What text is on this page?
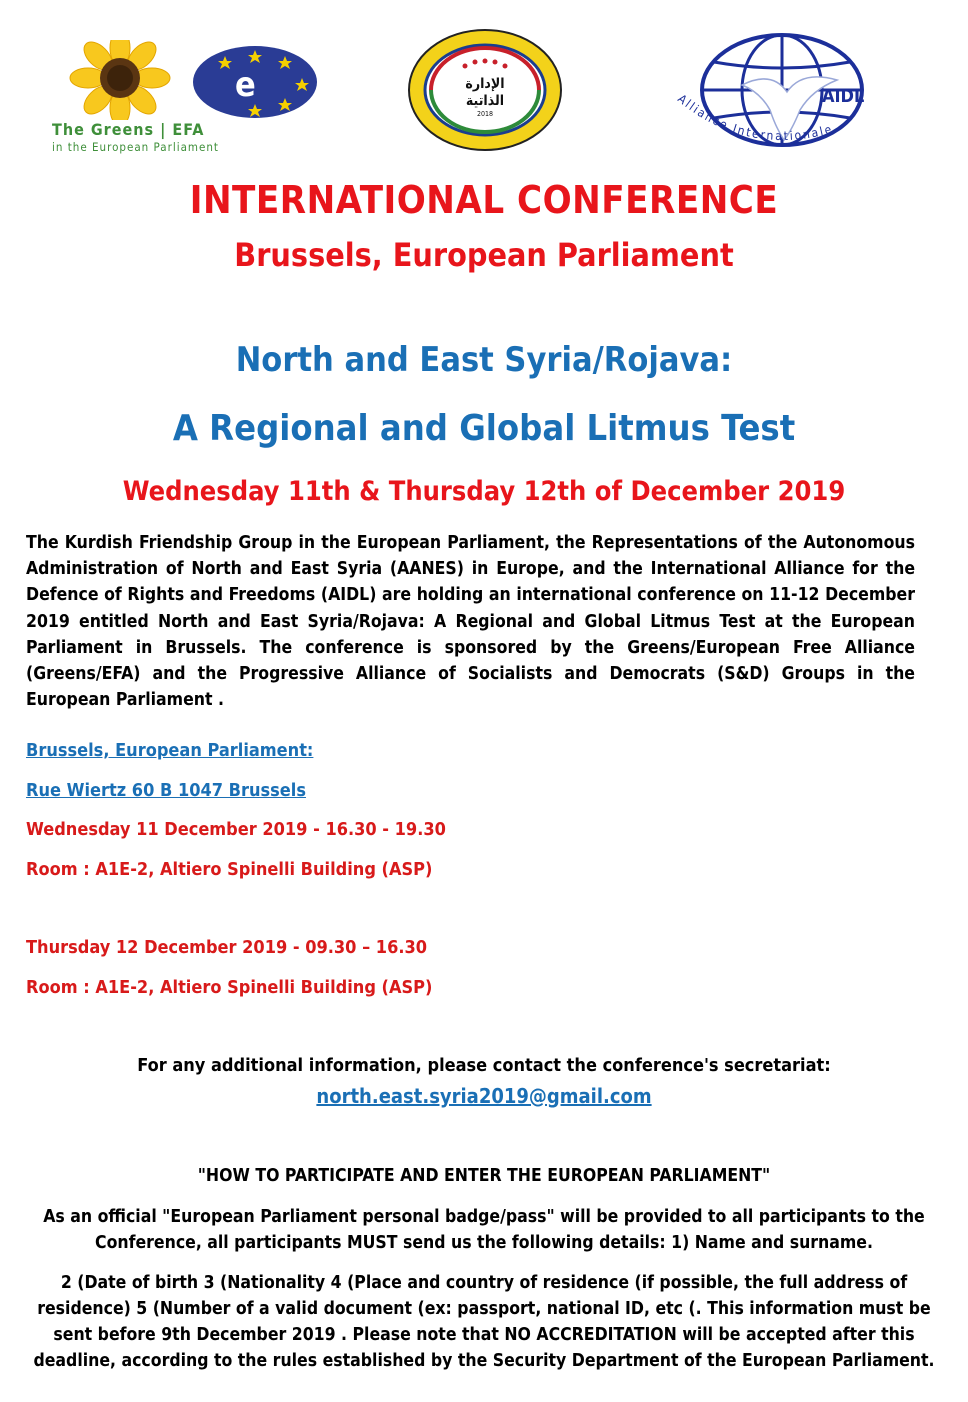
e
The Greens | EFA
in the European Parliament
الإدارة
الذاتية
2018
AIDL
Alliance Internationale
INTERNATIONAL CONFERENCE
Brussels, European Parliament
North and East Syria/Rojava:
A Regional and Global Litmus Test
Wednesday 11th & Thursday 12th of December 2019
The Kurdish Friendship Group in the European Parliament, the Representations of the Autonomous Administration of North and East Syria (AANES) in Europe, and the International Alliance for the Defence of Rights and Freedoms (AIDL) are holding an international conference on 11-12 December 2019 entitled North and East Syria/Rojava: A Regional and Global Litmus Test at the European Parliament in Brussels. The conference is sponsored by the Greens/European Free Alliance (Greens/EFA) and the Progressive Alliance of Socialists and Democrats (S&D) Groups in the European Parliament .
Brussels, European Parliament:
Rue Wiertz 60 B 1047 Brussels
Wednesday 11 December 2019 - 16.30 - 19.30
Room : A1E-2, Altiero Spinelli Building (ASP)
Thursday 12 December 2019 - 09.30 – 16.30
Room : A1E-2, Altiero Spinelli Building (ASP)
For any additional information, please contact the conference's secretariat:
north.east.syria2019@gmail.com
"HOW TO PARTICIPATE AND ENTER THE EUROPEAN PARLIAMENT"
As an official "European Parliament personal badge/pass" will be provided to all participants to the Conference, all participants MUST send us the following details: 1) Name and surname.
2 (Date of birth 3 (Nationality 4 (Place and country of residence (if possible, the full address of residence) 5 (Number of a valid document (ex: passport, national ID, etc (. This information must be sent before 9th December 2019 . Please note that NO ACCREDITATION will be accepted after this deadline, according to the rules established by the Security Department of the European Parliament.
